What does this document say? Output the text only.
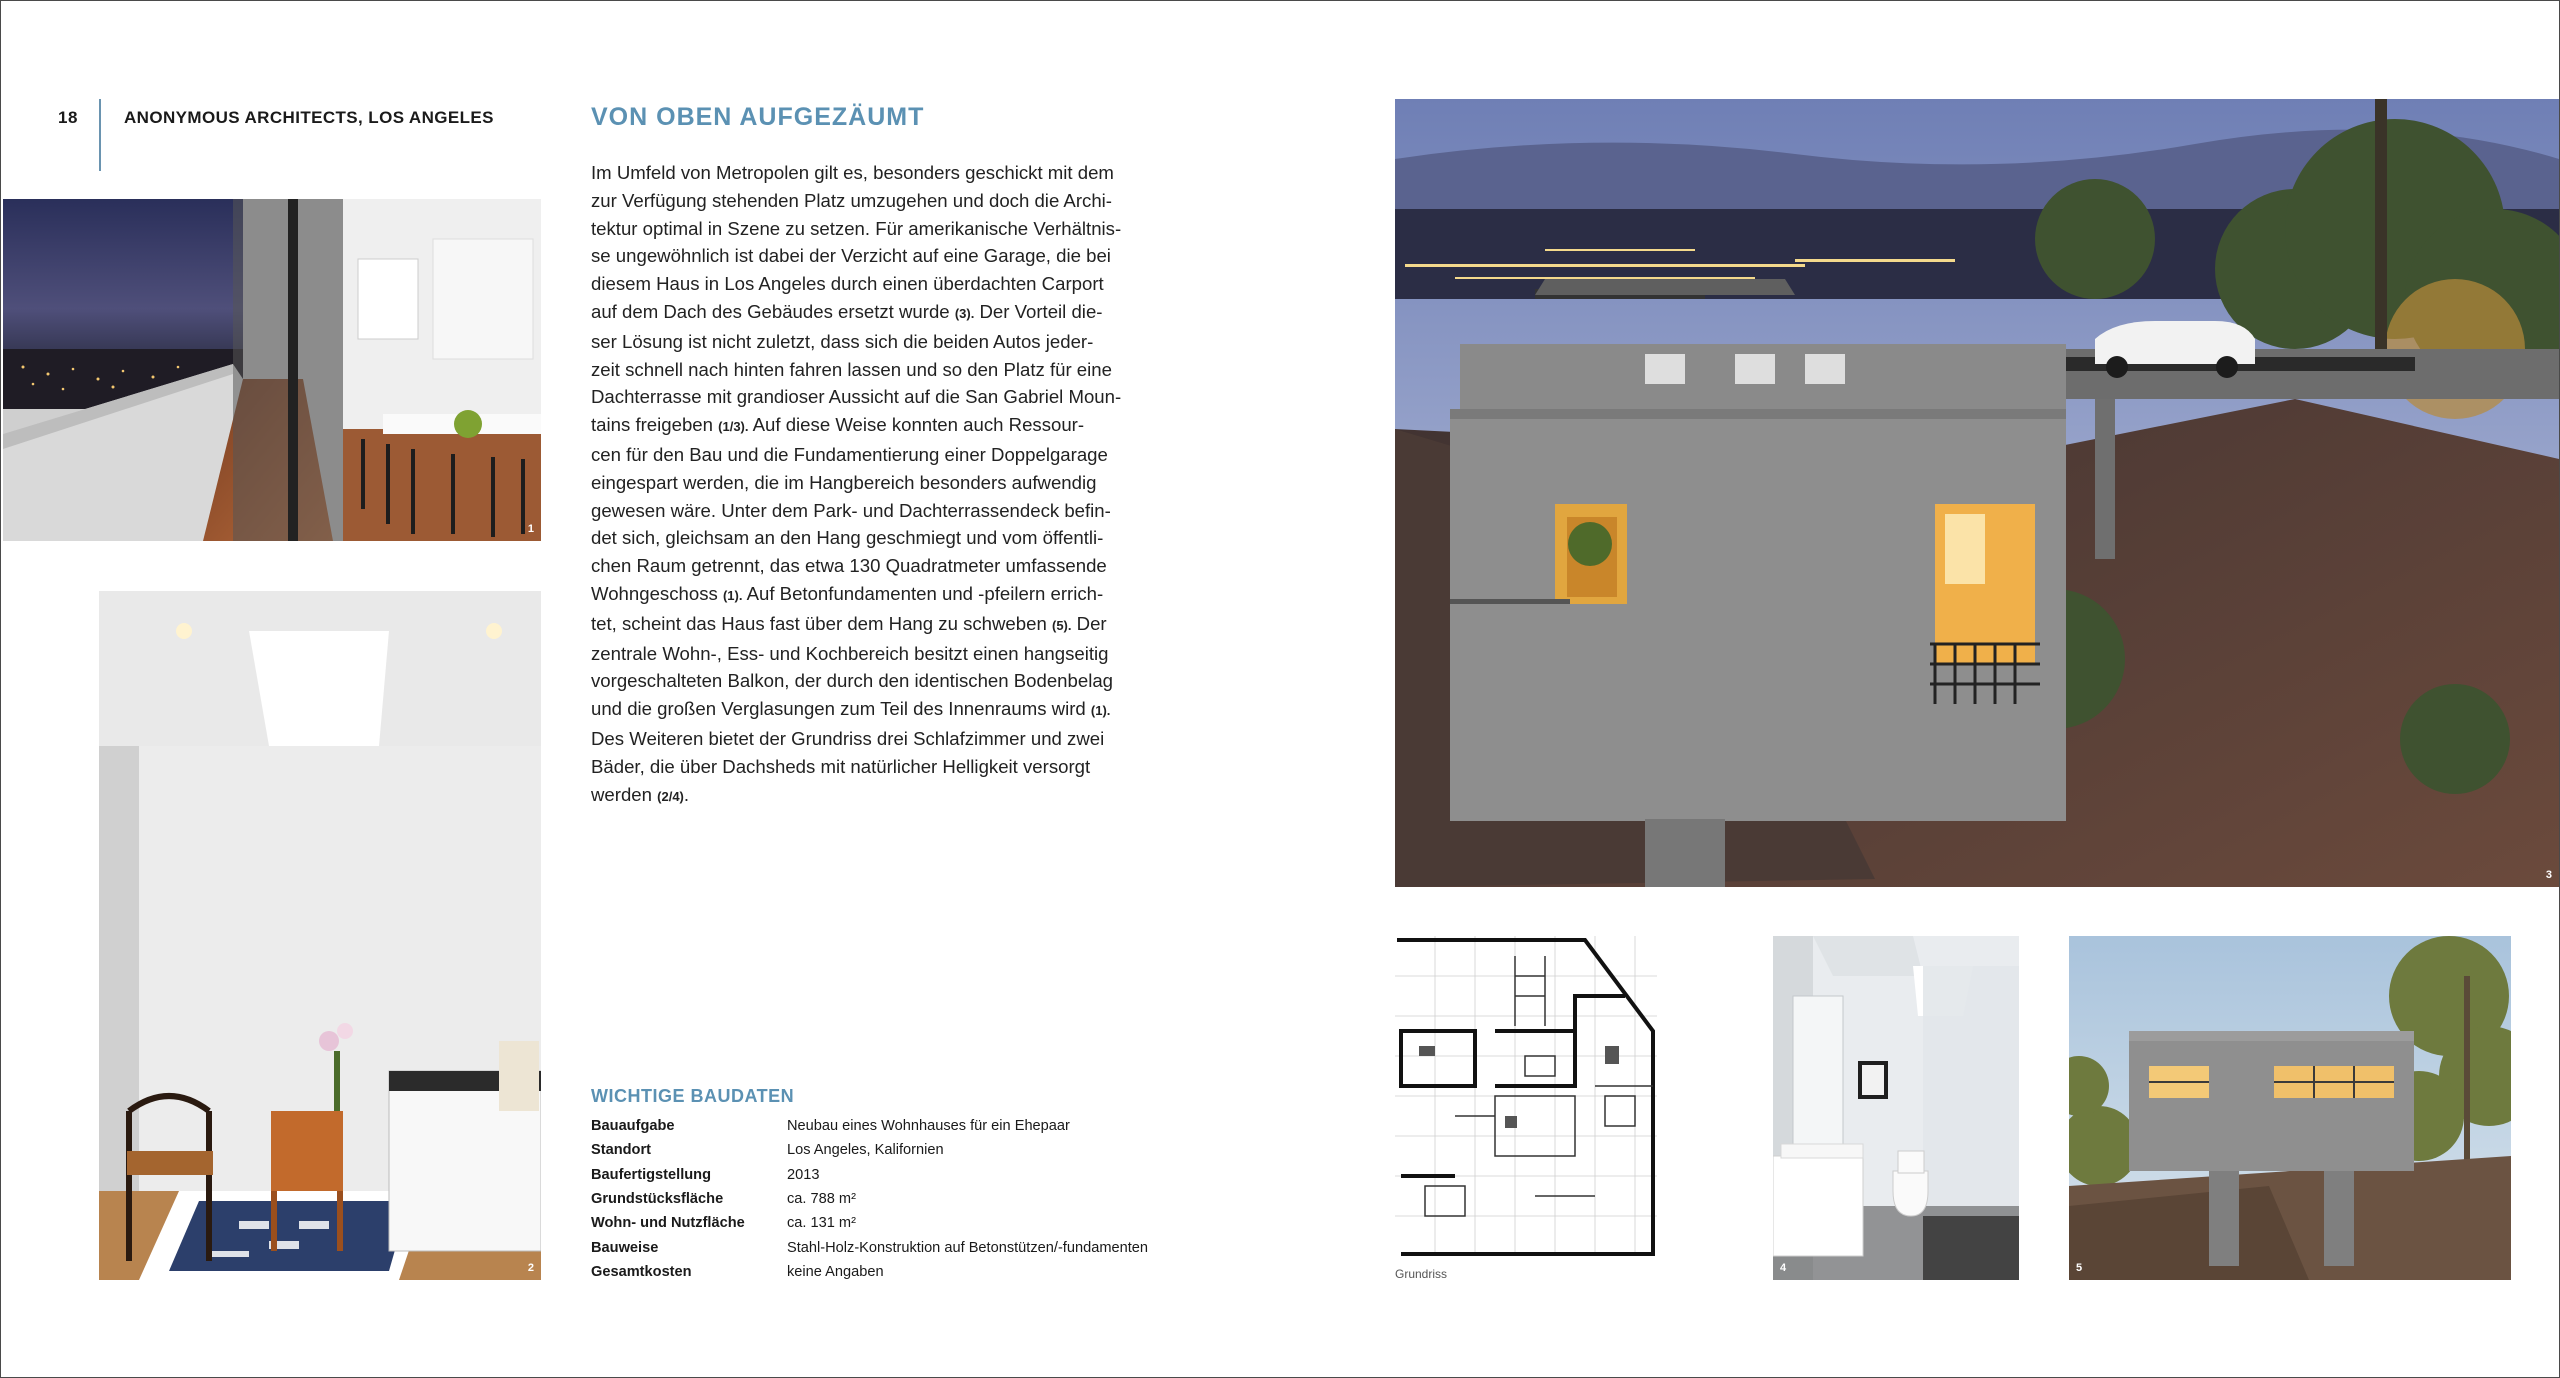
18	ANONYMOUS ARCHITECTS, LOS ANGELES
1
2
VON OBEN AUFGEZÄUMT

Im Umfeld von Metropolen gilt es, besonders geschickt mit dem

zur Verfügung stehenden Platz umzugehen und doch die Archi-

tektur optimal in Szene zu setzen. Für amerikanische Verhältnis-

se ungewöhnlich ist dabei der Verzicht auf eine Garage, die bei

diesem Haus in Los Angeles durch einen überdachten Carport

auf dem Dach des Gebäudes ersetzt wurde (3). Der Vorteil die-

ser Lösung ist nicht zuletzt, dass sich die beiden Autos jeder-

zeit schnell nach hinten fahren lassen und so den Platz für eine

Dachterrasse mit grandioser Aussicht auf die San Gabriel Moun-

tains freigeben (1/3). Auf diese Weise konnten auch Ressour-

cen für den Bau und die Fundamentierung einer Doppelgarage

eingespart werden, die im Hangbereich besonders aufwendig

gewesen wäre. Unter dem Park- und Dachterrassendeck befin-

det sich, gleichsam an den Hang geschmiegt und vom öffentli-

chen Raum getrennt, das etwa 130 Quadratmeter umfassende

Wohngeschoss (1). Auf Betonfundamenten und -pfeilern errich-

tet, scheint das Haus fast über dem Hang zu schweben (5). Der

zentrale Wohn-, Ess- und Kochbereich besitzt einen hangseitig

vorgeschalteten Balkon, der durch den identischen Bodenbelag

und die großen Verglasungen zum Teil des Innenraums wird (1).

Des Weiteren bietet der Grundriss drei Schlafzimmer und zwei

Bäder, die über Dachsheds mit natürlicher Helligkeit versorgt

werden (2/4).

WICHTIGE BAUDATEN
Bauaufgabe	Neubau eines Wohnhauses für ein Ehepaar
Standort	Los Angeles, Kalifornien
Baufertigstellung	2013
Grundstücksfläche	ca. 788 m²
Wohn- und Nutzfläche	ca. 131 m²
Bauweise	Stahl-Holz-Konstruktion auf Betonstützen/-fundamenten
Gesamtkosten	keine Angaben
3
Grundriss	4	5
